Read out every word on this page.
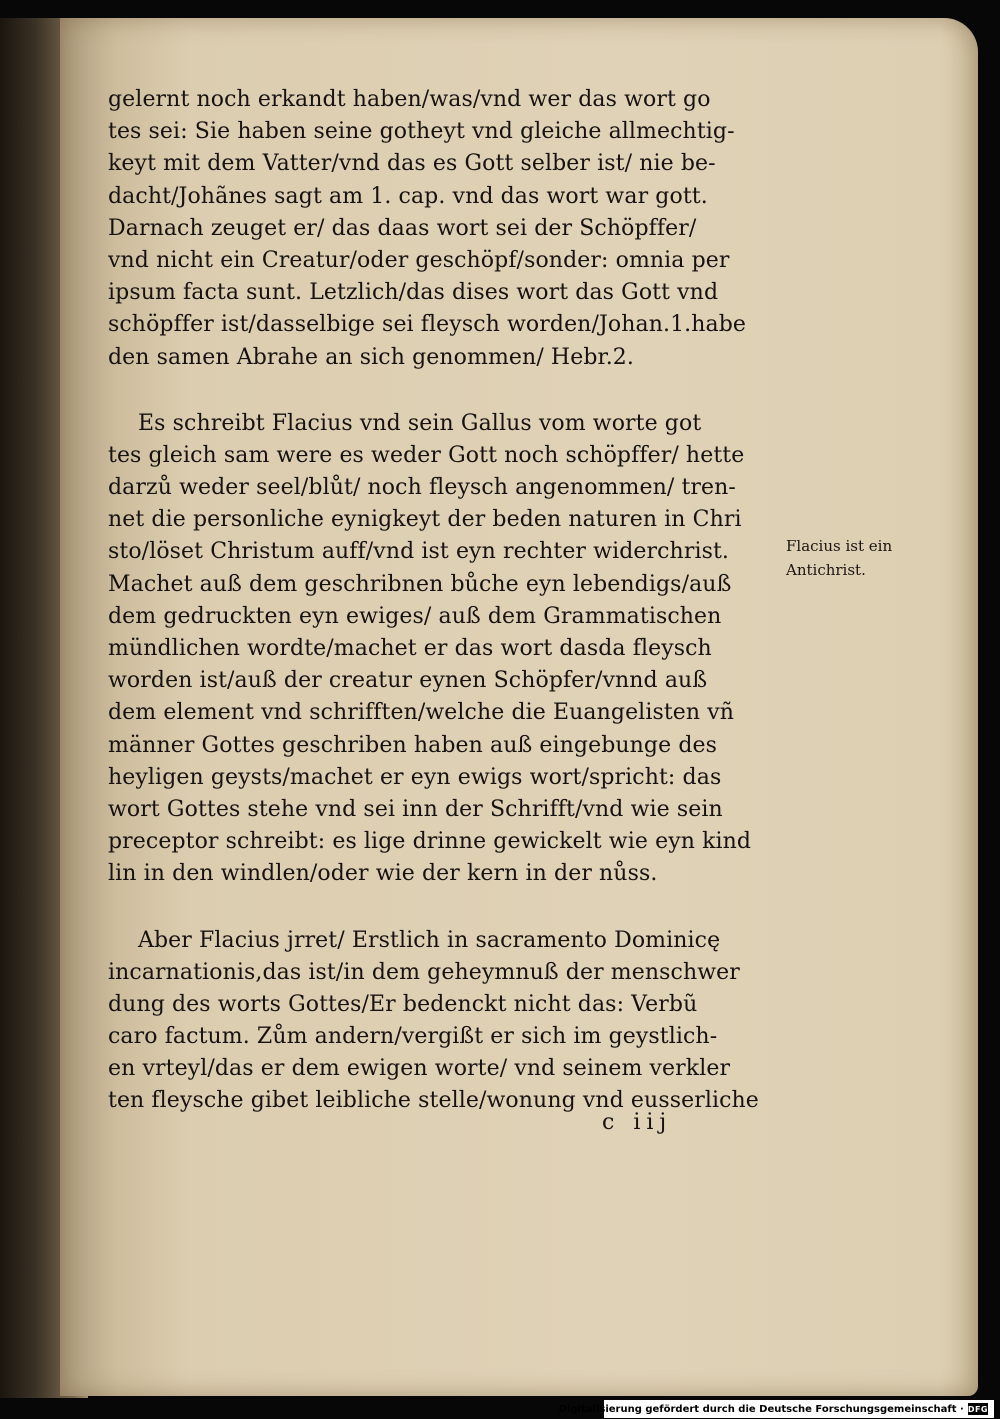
gelernt noch erkandt haben/was/vnd wer das wort go
tes sei: Sie haben seine gotheyt vnd gleiche allmechtig-
keyt mit dem Vatter/vnd das es Gott selber ist/ nie be-
dacht/Johãnes sagt am 1. cap. vnd das wort war gott.
Darnach zeuget er/ das daas wort sei der Schöpffer/
vnd nicht ein Creatur/oder geschöpf/sonder: omnia per
ipsum facta sunt. Letzlich/das dises wort das Gott vnd
schöpffer ist/dasselbige sei fleysch worden/Johan.1.habe
den samen Abrahe an sich genommen/ Hebr.2.
Es schreibt Flacius vnd sein Gallus vom worte got
tes gleich sam were es weder Gott noch schöpffer/ hette
darzů weder seel/blůt/ noch fleysch angenommen/ tren-
net die personliche eynigkeyt der beden naturen in Chri
sto/löset Christum auff/vnd ist eyn rechter widerchrist.
Machet auß dem geschribnen bůche eyn lebendigs/auß
dem gedruckten eyn ewiges/ auß dem Grammatischen
mündlichen wordte/machet er das wort dasda fleysch
worden ist/auß der creatur eynen Schöpfer/vnnd auß
dem element vnd schrifften/welche die Euangelisten vñ
männer Gottes geschriben haben auß eingebunge des
heyligen geysts/machet er eyn ewigs wort/spricht: das
wort Gottes stehe vnd sei inn der Schrifft/vnd wie sein
preceptor schreibt: es lige drinne gewickelt wie eyn kind
lin in den windlen/oder wie der kern in der nůss.
Aber Flacius jrret/ Erstlich in sacramento Dominicę
incarnationis,das ist/in dem geheymnuß der menschwer
dung des worts Gottes/Er bedenckt nicht das: Verbũ
caro factum. Zům andern/vergißt er sich im geystlich-
en vrteyl/das er dem ewigen worte/ vnd seinem verkler
ten fleysche gibet leibliche stelle/wonung vnd eusserliche
Flacius ist ein
Antichrist.
c iij
Digitalisierung gefördert durch die Deutsche Forschungsgemeinschaft · DFG
